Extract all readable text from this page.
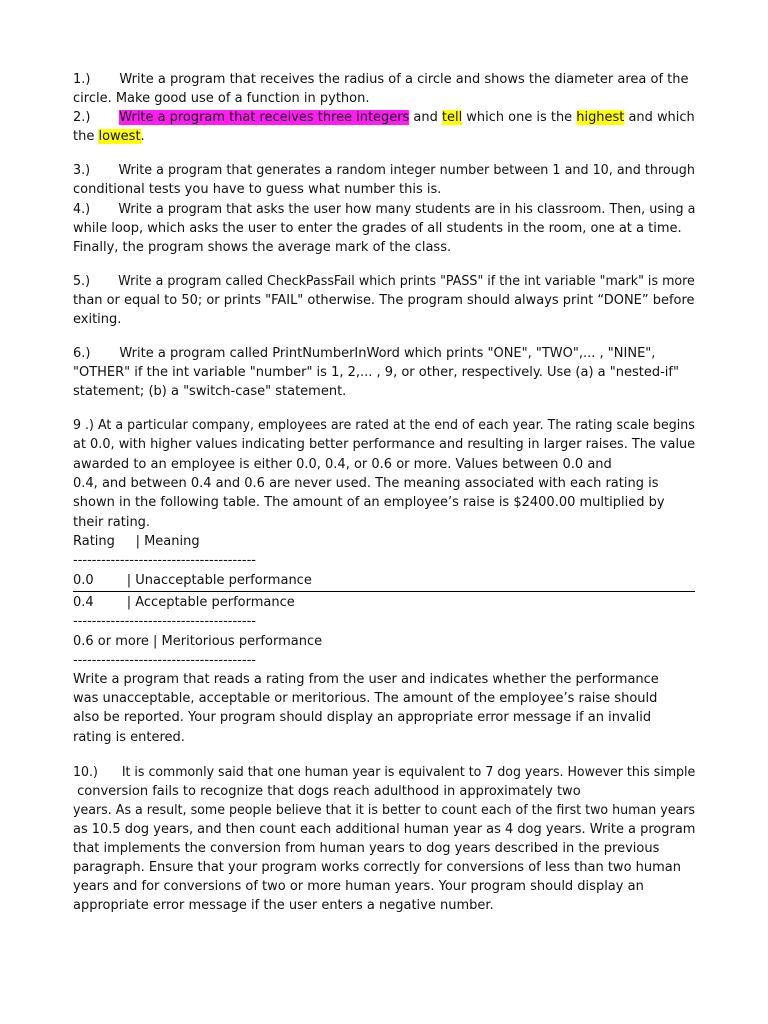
1.)       Write a program that receives the radius of a circle and shows the diameter area of the
circle. Make good use of a function in python.
2.)       Write a program that receives three integers and tell which one is the highest and which
the lowest.
3.)       Write a program that generates a random integer number between 1 and 10, and through
conditional tests you have to guess what number this is.
4.)       Write a program that asks the user how many students are in his classroom. Then, using a
while loop, which asks the user to enter the grades of all students in the room, one at a time.
Finally, the program shows the average mark of the class.
5.)       Write a program called CheckPassFail which prints "PASS" if the int variable "mark" is more
than or equal to 50; or prints "FAIL" otherwise. The program should always print “DONE” before
exiting.
6.)       Write a program called PrintNumberInWord which prints "ONE", "TWO",... , "NINE",
"OTHER" if the int variable "number" is 1, 2,... , 9, or other, respectively. Use (a) a "nested-if"
statement; (b) a "switch-case" statement.
9 .) At a particular company, employees are rated at the end of each year. The rating scale begins
at 0.0, with higher values indicating better performance and resulting in larger raises. The value
awarded to an employee is either 0.0, 0.4, or 0.6 or more. Values between 0.0 and
0.4, and between 0.4 and 0.6 are never used. The meaning associated with each rating is
shown in the following table. The amount of an employee’s raise is $2400.00 multiplied by
their rating.
Rating     | Meaning
---------------------------------------
0.0        | Unacceptable performance
0.4        | Acceptable performance
---------------------------------------
0.6 or more | Meritorious performance
---------------------------------------
Write a program that reads a rating from the user and indicates whether the performance
was unacceptable, acceptable or meritorious. The amount of the employee’s raise should
also be reported. Your program should display an appropriate error message if an invalid
rating is entered.
10.)      It is commonly said that one human year is equivalent to 7 dog years. However this simple
conversion fails to recognize that dogs reach adulthood in approximately two
years. As a result, some people believe that it is better to count each of the first two human years
as 10.5 dog years, and then count each additional human year as 4 dog years. Write a program
that implements the conversion from human years to dog years described in the previous
paragraph. Ensure that your program works correctly for conversions of less than two human
years and for conversions of two or more human years. Your program should display an
appropriate error message if the user enters a negative number.
